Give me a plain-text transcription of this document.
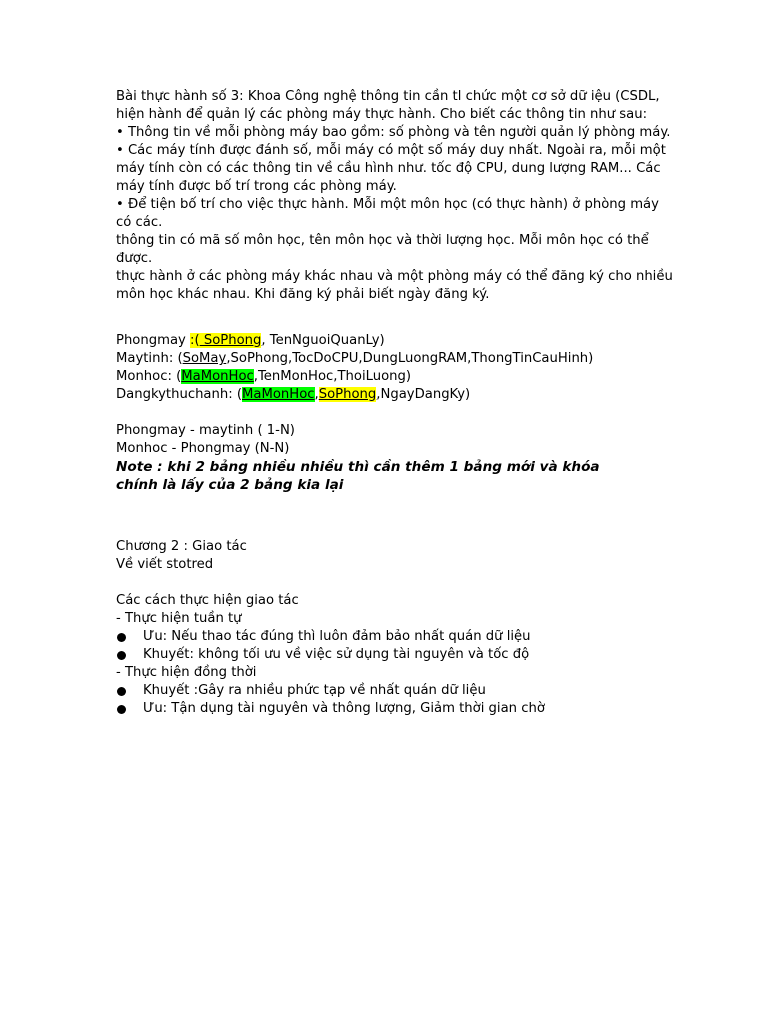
Bài thực hành số 3: Khoa Công nghệ thông tin cần tl chức một cơ sở dữ iệu (CSDL,
hiện hành để quản lý các phòng máy thực hành. Cho biết các thông tin như sau:
• Thông tin về mỗi phòng máy bao gồm: số phòng và tên người quản lý phòng máy.
• Các máy tính được đánh số, mỗi máy có một số máy duy nhất. Ngoài ra, mỗi một
máy tính còn có các thông tin về cầu hình như. tốc độ CPU, dung lượng RAM... Các
máy tính được bố trí trong các phòng máy.
• Để tiện bố trí cho việc thực hành. Mỗi một môn học (có thực hành) ở phòng máy
có các.
thông tin có mã số môn học, tên môn học và thời lượng học. Mỗi môn học có thể
được.
thực hành ở các phòng máy khác nhau và một phòng máy có thể đăng ký cho nhiều
môn học khác nhau. Khi đăng ký phải biết ngày đăng ký.
Phongmay :( SoPhong, TenNguoiQuanLy)
Maytinh: (SoMay,SoPhong,TocDoCPU,DungLuongRAM,ThongTinCauHinh)
Monhoc: (MaMonHoc,TenMonHoc,ThoiLuong)
Dangkythuchanh: (MaMonHoc,SoPhong,NgayDangKy)
Phongmay - maytinh ( 1-N)
Monhoc - Phongmay (N-N)
Note : khi 2 bảng nhiều nhiều thì cần thêm 1 bảng mới và khóa chính là lấy của 2 bảng kia lại
Chương 2 : Giao tác
Về viết stotred
Các cách thực hiện giao tác
- Thực hiện tuần tự
Ưu: Nếu thao tác đúng thì luôn đảm bảo nhất quán dữ liệu
Khuyết: không tối ưu về việc sử dụng tài nguyên và tốc độ
- Thực hiện đồng thời
Khuyết :Gây ra nhiều phức tạp về nhất quán dữ liệu
Ưu: Tận dụng tài nguyên và thông lượng, Giảm thời gian chờ
